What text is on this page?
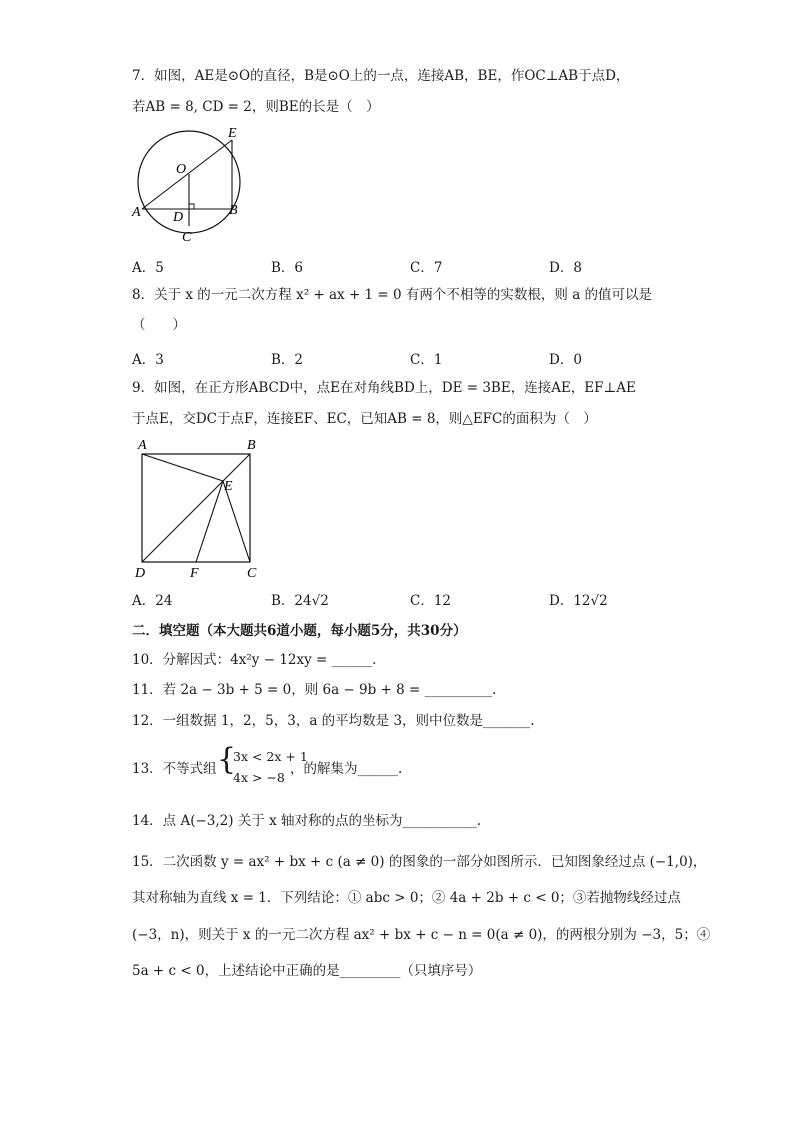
7．如图，AE是⊙O的直径，B是⊙O上的一点，连接AB，BE，作OC⊥AB于点D，
若AB = 8, CD = 2，则BE的长是（　）
E
O
A D	B
C
A．5	B．6	C．7	D．8
8．关于 x 的一元二次方程 x² + ax + 1 = 0 有两个不相等的实数根，则 a 的值可以是
（　　）
A．3	B．2	C．1	D．0
9．如图，在正方形ABCD中，点E在对角线BD上，DE = 3BE，连接AE，EF⊥AE
于点E，交DC于点F，连接EF、EC，已知AB = 8，则△EFC的面积为（　）
A	B
E
D	F	C
A．24	B．24√2	C．12	D．12√2
二．填空题（本大题共6道小题，每小题5分，共30分）
10．分解因式：4x²y − 12xy = ______.
11．若 2a − 3b + 5 = 0，则 6a − 9b + 8 = __________.
12．一组数据 1，2，5，3，a 的平均数是 3，则中位数是_______.
13．不等式组 {
3x < 2x + 1
4x > −8
，的解集为______.
14．点 A(−3,2) 关于 x 轴对称的点的坐标为___________.
15．二次函数 y = ax² + bx + c (a ≠ 0) 的图象的一部分如图所示．已知图象经过点 (−1,0)，
其对称轴为直线 x = 1．下列结论：① abc > 0；② 4a + 2b + c < 0；③若抛物线经过点
(−3，n)，则关于 x 的一元二次方程 ax² + bx + c − n = 0(a ≠ 0)，的两根分别为 −3，5；④
5a + c < 0，上述结论中正确的是_________（只填序号）
